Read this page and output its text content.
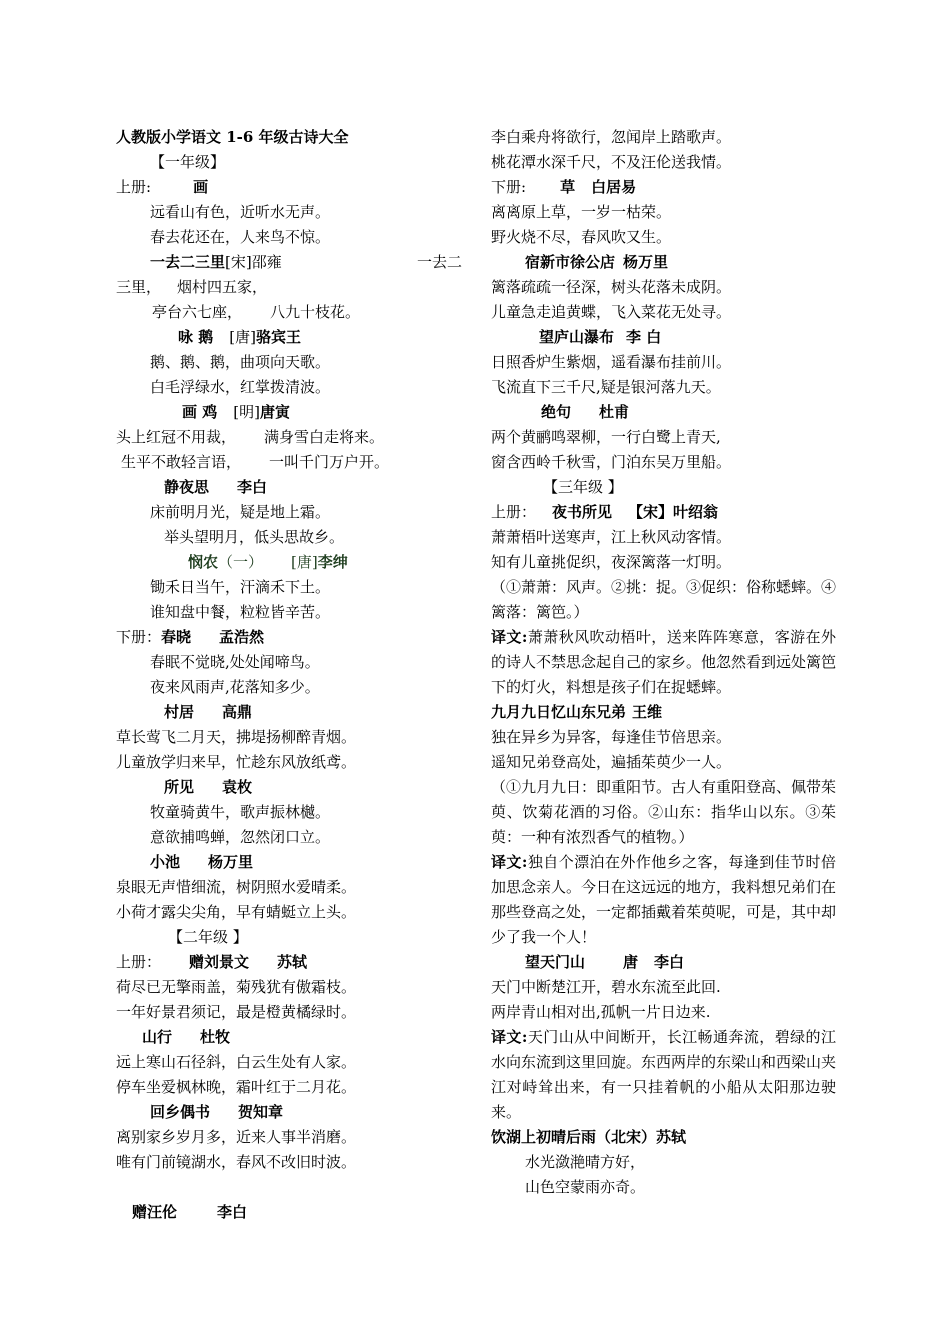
人教版小学语文 1-6 年级古诗大全
【一年级】
上册:	画
远看山有色，近听水无声。
春去花还在，人来鸟不惊。
一去二三里[宋]邵雍	一去二
三里， 烟村四五家，
亭台六七座， 八九十枝花。
咏 鹅 [唐]骆宾王
鹅、鹅、鹅，曲项向天歌。
白毛浮绿水，红掌拨清波。
画 鸡 [明]唐寅
头上红冠不用裁， 满身雪白走将来。
生平不敢轻言语， 一叫千门万户开。
静夜思 李白
床前明月光，疑是地上霜。
举头望明月，低头思故乡。
悯农（一） [唐]李绅
锄禾日当午，汗滴禾下土。
谁知盘中餐，粒粒皆辛苦。
下册：春晓 孟浩然
春眠不觉晓,处处闻啼鸟。
夜来风雨声,花落知多少。
村居 高鼎
草长莺飞二月天，拂堤扬柳醉青烟。
儿童放学归来早，忙趁东风放纸鸢。
所见 袁枚
牧童骑黄牛，歌声振林樾。
意欲捕鸣蝉，忽然闭口立。
小池 杨万里
泉眼无声惜细流，树阴照水爱晴柔。
小荷才露尖尖角，早有蜻蜓立上头。
【二年级 】
上册： 赠刘景文 苏轼
荷尽已无擎雨盖，菊残犹有傲霜枝。
一年好景君须记，最是橙黄橘绿时。
山行 杜牧
远上寒山石径斜，白云生处有人家。
停车坐爱枫林晚，霜叶红于二月花。
回乡偶书 贺知章
离别家乡岁月多，近来人事半消磨。
唯有门前镜湖水，春风不改旧时波。
赠汪伦	李白
李白乘舟将欲行，忽闻岸上踏歌声。
桃花潭水深千尺，不及汪伦送我情。
下册: 草 白居易
离离原上草，一岁一枯荣。
野火烧不尽，春风吹又生。
宿新市徐公店 杨万里
篱落疏疏一径深，树头花落未成阴。
儿童急走追黄蝶，飞入菜花无处寻。
望庐山瀑布 李 白
日照香炉生紫烟，遥看瀑布挂前川。
飞流直下三千尺,疑是银河落九天。
绝句 杜甫
两个黄鹂鸣翠柳，一行白鹭上青天,
窗含西岭千秋雪，门泊东吴万里船。
【三年级 】
上册： 夜书所见 【宋】叶绍翁
萧萧梧叶送寒声，江上秋风动客情。
知有儿童挑促织，夜深篱落一灯明。
（①萧萧：风声。②挑：捉。③促织：俗称蟋蟀。④篱落：篱笆。）
译文:萧萧秋风吹动梧叶，送来阵阵寒意，客游在外的诗人不禁思念起自己的家乡。他忽然看到远处篱笆下的灯火，料想是孩子们在捉蟋蟀。
九月九日忆山东兄弟 王维
独在异乡为异客，每逢佳节倍思亲。
遥知兄弟登高处，遍插茱萸少一人。
（①九月九日：即重阳节。古人有重阳登高、佩带茱萸、饮菊花酒的习俗。②山东：指华山以东。③茱萸：一种有浓烈香气的植物。）
译文:独自个漂泊在外作他乡之客，每逢到佳节时倍加思念亲人。今日在这远远的地方，我料想兄弟们在那些登高之处，一定都插戴着茱萸呢，可是，其中却少了我一个人！
望天门山	唐 李白
天门中断楚江开，碧水东流至此回.
两岸青山相对出,孤帆一片日边来.
译文:天门山从中间断开，长江畅通奔流，碧绿的江水向东流到这里回旋。东西两岸的东梁山和西梁山夹江对峙耸出来，有一只挂着帆的小船从太阳那边驶来。
饮湖上初晴后雨（北宋）苏轼
水光潋滟晴方好，
山色空蒙雨亦奇。
